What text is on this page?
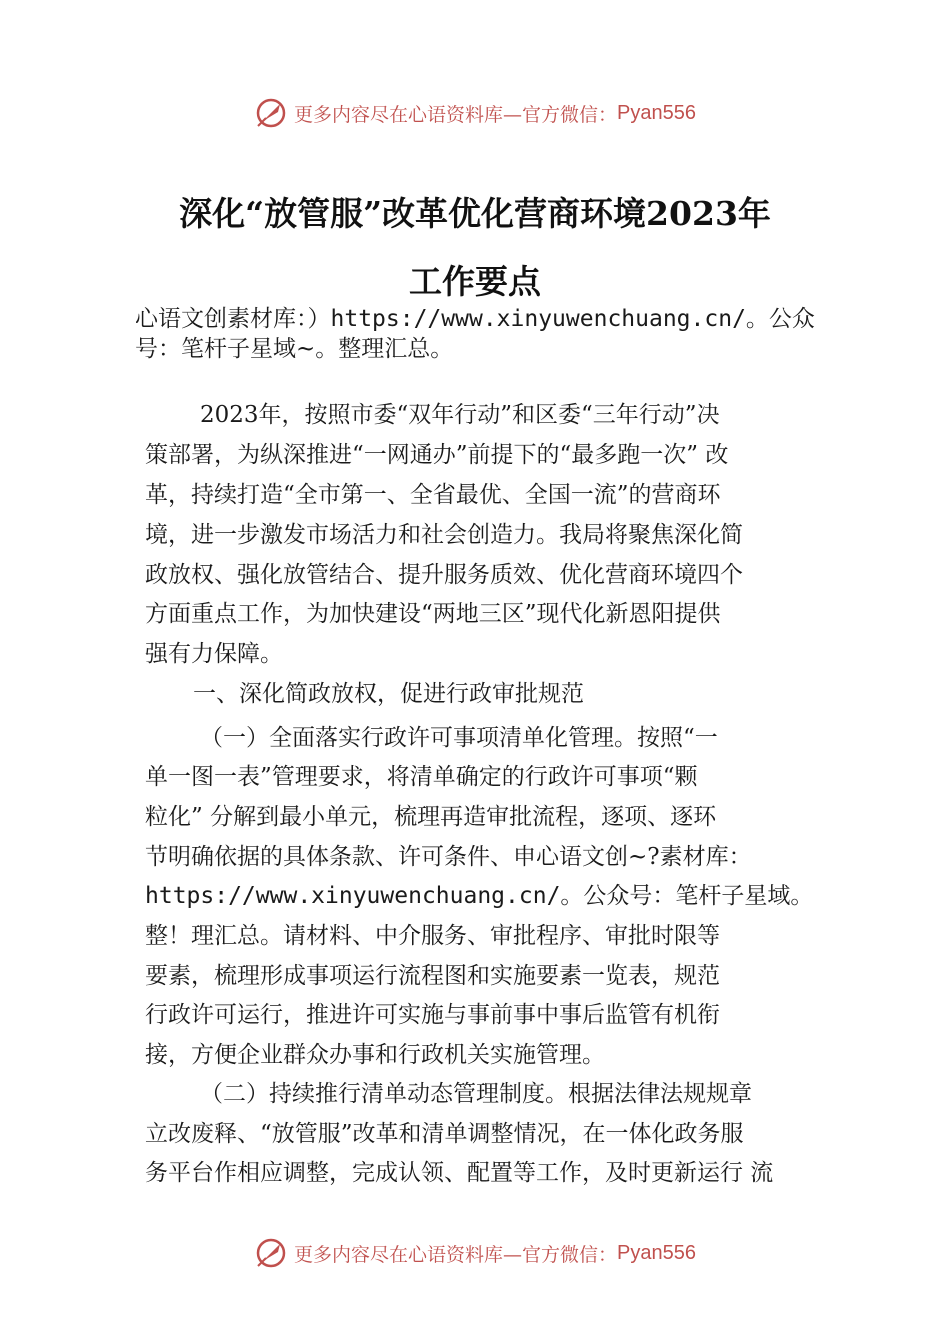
更多内容尽在心语资料库—官方微信： Pyan556
深化“放管服”改革优化营商环境2023年
工作要点
心语文创素材库：）https://www.xinyuwenchuang.cn/。公众
号：笔杆子星域~。整理汇总。
2023年，按照市委“双年行动”和区委“三年行动”决
策部署，为纵深推进“一网通办”前提下的“最多跑一次” 改
革，持续打造“全市第一、全省最优、全国一流”的营商环
境，进一步激发市场活力和社会创造力。我局将聚焦深化简
政放权、强化放管结合、提升服务质效、优化营商环境四个
方面重点工作，为加快建设“两地三区”现代化新恩阳提供
强有力保障。
一、深化简政放权，促进行政审批规范
（一）全面落实行政许可事项清单化管理。按照“一
单一图一表”管理要求，将清单确定的行政许可事项“颗
粒化” 分解到最小单元，梳理再造审批流程，逐项、逐环
节明确依据的具体条款、许可条件、申心语文创~?素材库：
https://www.xinyuwenchuang.cn/。公众号：笔杆子星域。
整！理汇总。请材料、中介服务、审批程序、审批时限等
要素，梳理形成事项运行流程图和实施要素一览表，规范
行政许可运行，推进许可实施与事前事中事后监管有机衔
接，方便企业群众办事和行政机关实施管理。
（二）持续推行清单动态管理制度。根据法律法规规章
立改废释、“放管服”改革和清单调整情况，在一体化政务服
务平台作相应调整，完成认领、配置等工作，及时更新运行 流
更多内容尽在心语资料库—官方微信： Pyan556
